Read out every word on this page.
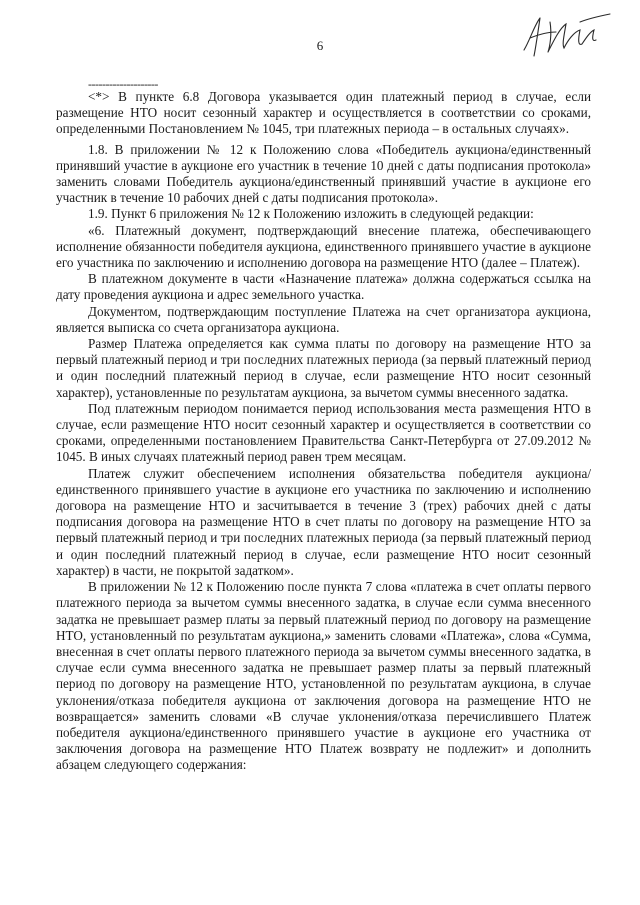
6
--------------------

<*> В пункте 6.8 Договора указывается один платежный период в случае, если размещение НТО носит сезонный характер и осуществляется в соответствии со сроками, определенными Постановлением № 1045, три платежных периода – в остальных случаях».

1.8. В приложении № 12 к Положению слова «Победитель аукциона/единственный принявший участие в аукционе его участник в течение 10 дней с даты подписания протокола» заменить словами Победитель аукциона/единственный принявший участие в аукционе его участник в течение 10 рабочих дней с даты подписания протокола».

1.9. Пункт 6 приложения № 12 к Положению изложить в следующей редакции:

«6. Платежный документ, подтверждающий внесение платежа, обеспечивающего исполнение обязанности победителя аукциона, единственного принявшего участие в аукционе его участника по заключению и исполнению договора на размещение НТО (далее – Платеж).

В платежном документе в части «Назначение платежа» должна содержаться ссылка на дату проведения аукциона и адрес земельного участка.

Документом, подтверждающим поступление Платежа на счет организатора аукциона, является выписка со счета организатора аукциона.

Размер Платежа определяется как сумма платы по договору на размещение НТО за первый платежный период и три последних платежных периода (за первый платежный период и один последний платежный период в случае, если размещение НТО носит сезонный характер), установленные по результатам аукциона, за вычетом суммы внесенного задатка.

Под платежным периодом понимается период использования места размещения НТО в случае, если размещение НТО носит сезонный характер и осуществляется в соответствии со сроками, определенными постановлением Правительства Санкт-Петербурга от 27.09.2012 № 1045. В иных случаях платежный период равен трем месяцам.

Платеж служит обеспечением исполнения обязательства победителя аукциона/единственного принявшего участие в аукционе его участника по заключению и исполнению договора на размещение НТО и засчитывается в течение 3 (трех) рабочих дней с даты подписания договора на размещение НТО в счет платы по договору на размещение НТО за первый платежный период и три последних платежных периода (за первый платежный период и один последний платежный период в случае, если размещение НТО носит сезонный характер) в части, не покрытой задатком».

В приложении № 12 к Положению после пункта 7 слова «платежа в счет оплаты первого платежного периода за вычетом суммы внесенного задатка, в случае если сумма внесенного задатка не превышает размер платы за первый платежный период по договору на размещение НТО, установленный по результатам аукциона,» заменить словами «Платежа», слова «Сумма, внесенная в счет оплаты первого платежного периода за вычетом суммы внесенного задатка, в случае если сумма внесенного задатка не превышает размер платы за первый платежный период по договору на размещение НТО, установленной по результатам аукциона, в случае уклонения/отказа победителя аукциона от заключения договора на размещение НТО не возвращается» заменить словами «В случае уклонения/отказа перечислившего Платеж победителя аукциона/единственного принявшего участие в аукционе его участника от заключения договора на размещение НТО Платеж возврату не подлежит» и дополнить абзацем следующего содержания:
